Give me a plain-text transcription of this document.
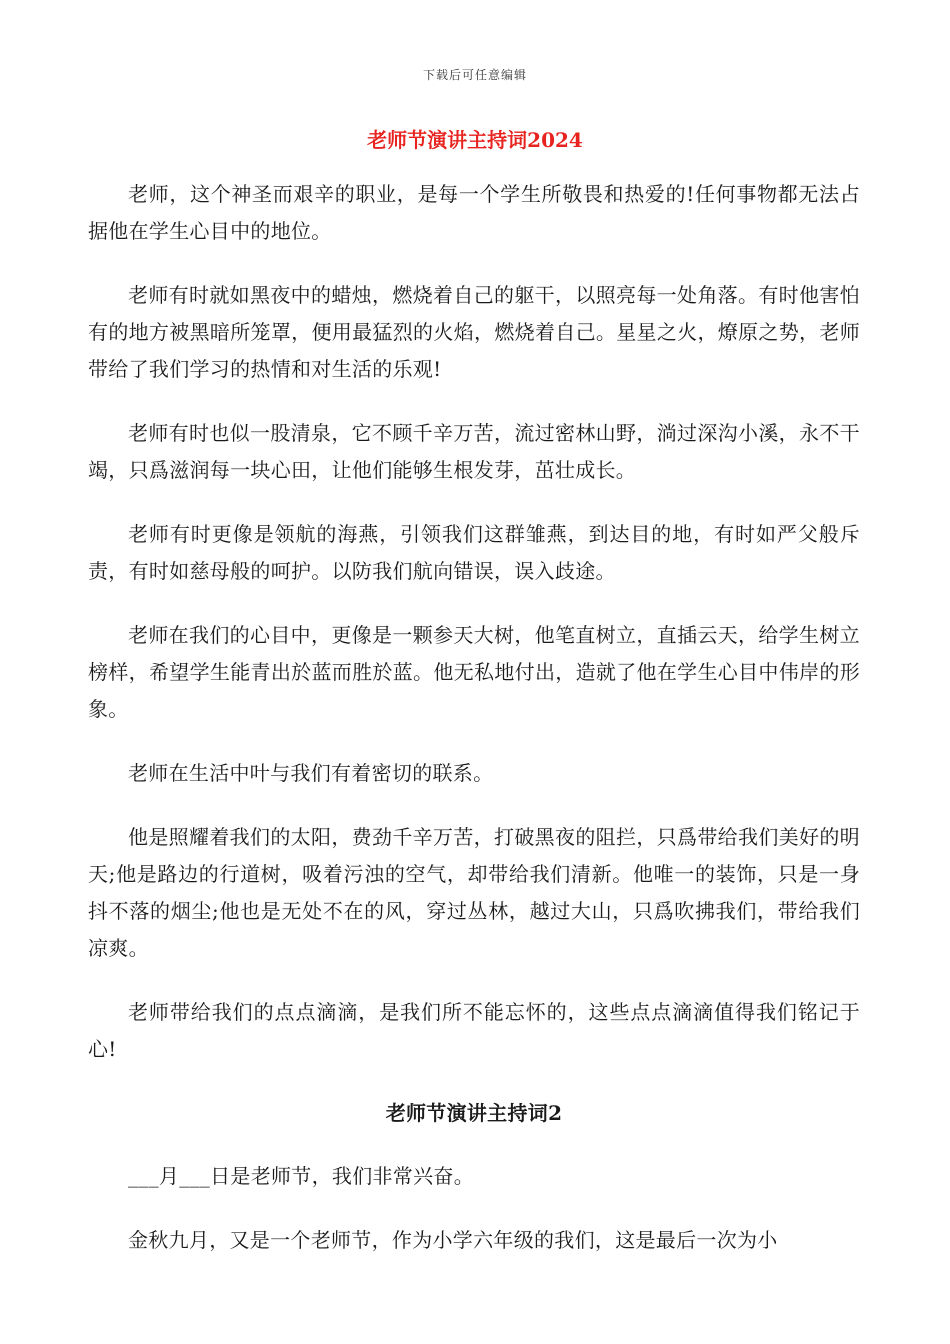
下载后可任意编辑
老师节演讲主持词2024

老师，这个神圣而艰辛的职业，是每一个学生所敬畏和热爱的!任何事物都无法占据他在学生心目中的地位。

老师有时就如黑夜中的蜡烛，燃烧着自己的躯干，以照亮每一处角落。有时他害怕有的地方被黑暗所笼罩，便用最猛烈的火焰，燃烧着自己。星星之火，燎原之势，老师带给了我们学习的热情和对生活的乐观!

老师有时也似一股清泉，它不顾千辛万苦，流过密林山野，淌过深沟小溪，永不干竭，只爲滋润每一块心田，让他们能够生根发芽，茁壮成长。

老师有时更像是领航的海燕，引领我们这群雏燕，到达目的地，有时如严父般斥责，有时如慈母般的呵护。以防我们航向错误，误入歧途。

老师在我们的心目中，更像是一颗参天大树，他笔直树立，直插云天，给学生树立榜样，希望学生能青出於蓝而胜於蓝。他无私地付出，造就了他在学生心目中伟岸的形象。

老师在生活中叶与我们有着密切的联系。

他是照耀着我们的太阳，费劲千辛万苦，打破黑夜的阻拦，只爲带给我们美好的明天;他是路边的行道树，吸着污浊的空气，却带给我们清新。他唯一的装饰，只是一身抖不落的烟尘;他也是无处不在的风，穿过丛林，越过大山，只爲吹拂我们，带给我们凉爽。

老师带给我们的点点滴滴，是我们所不能忘怀的，这些点点滴滴值得我们铭记于心!

老师节演讲主持词2

___月___日是老师节，我们非常兴奋。

金秋九月，又是一个老师节，作为小学六年级的我们，这是最后一次为小
